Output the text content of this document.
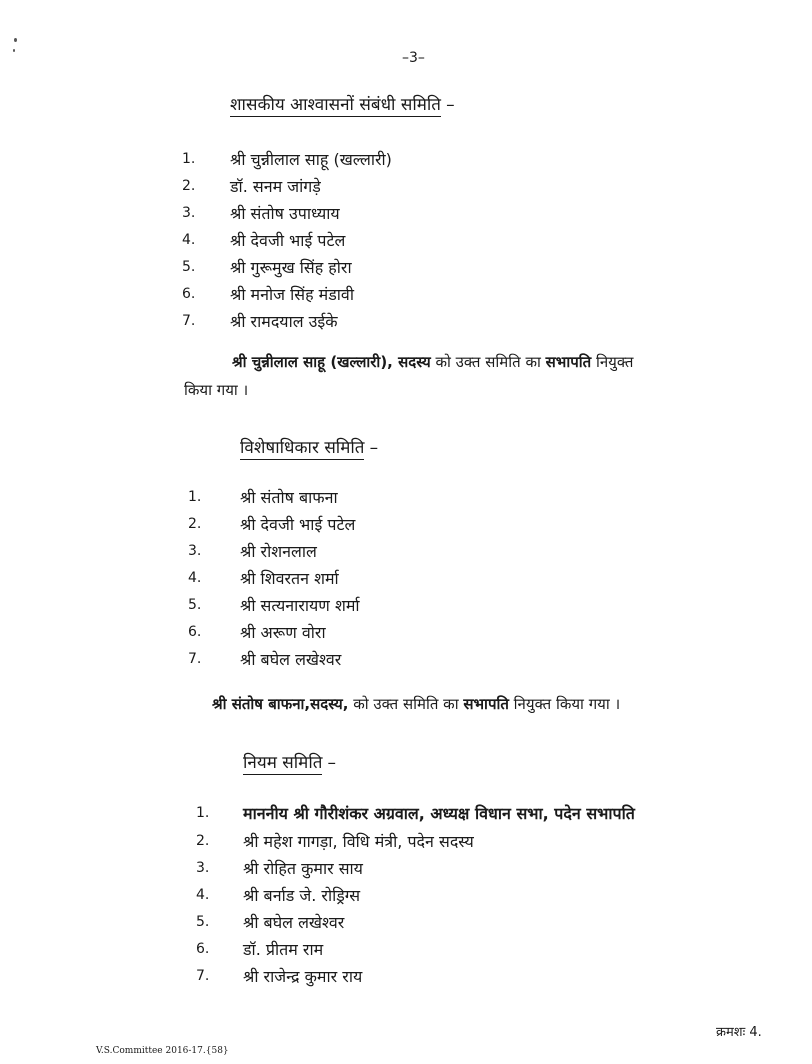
–3–
शासकीय आश्वासनों संबंधी समिति –
1. श्री चुन्नीलाल साहू (खल्लारी)
2. डॉ. सनम जांगड़े
3. श्री संतोष उपाध्याय
4. श्री देवजी भाई पटेल
5. श्री गुरूमुख सिंह होरा
6. श्री मनोज सिंह मंडावी
7. श्री रामदयाल उईके
श्री चुन्नीलाल साहू (खल्लारी), सदस्य को उक्त समिति का सभापति नियुक्त
किया गया ।
विशेषाधिकार समिति –
1. श्री संतोष बाफना
2. श्री देवजी भाई पटेल
3. श्री रोशनलाल
4. श्री शिवरतन शर्मा
5. श्री सत्यनारायण शर्मा
6. श्री अरूण वोरा
7. श्री बघेल लखेश्वर
श्री संतोष बाफना,सदस्य, को उक्त समिति का सभापति नियुक्त किया गया ।
नियम समिति –
1. माननीय श्री गौरीशंकर अग्रवाल, अध्यक्ष विधान सभा, पदेन सभापति
2. श्री महेश गागड़ा, विधि मंत्री, पदेन सदस्य
3. श्री रोहित कुमार साय
4. श्री बर्नाड जे. रोड्रिग्स
5. श्री बघेल लखेश्वर
6. डॉ. प्रीतम राम
7. श्री राजेन्द्र कुमार राय
क्रमशः 4.
V.S.Committee 2016-17.{58}
